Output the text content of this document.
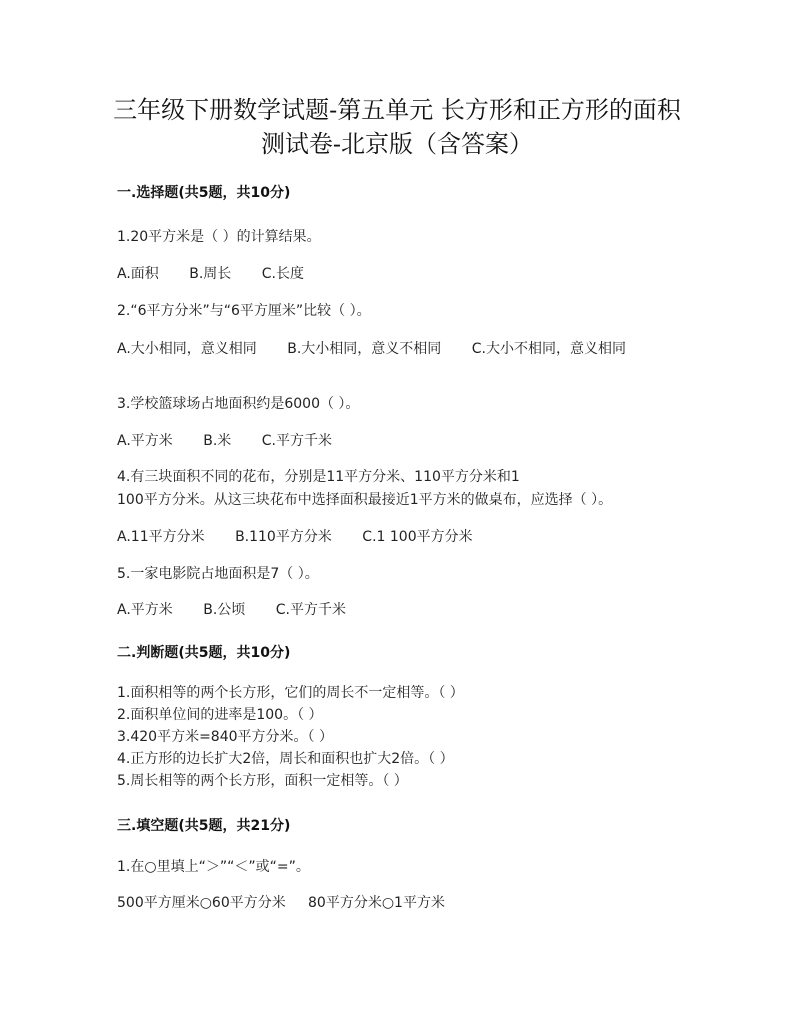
三年级下册数学试题-第五单元 长方形和正方形的面积
测试卷-北京版（含答案）
一.选择题(共5题，共10分)
1.20平方米是（ ）的计算结果。
A.面积 B.周长 C.长度
2.“6平方分米”与“6平方厘米”比较（ ）。
A.大小相同，意义相同 B.大小相同，意义不相同 C.大小不相同，意义相同
3.学校篮球场占地面积约是6000（ ）。
A.平方米 B.米 C.平方千米
4.有三块面积不同的花布，分别是11平方分米、110平方分米和1
100平方分米。从这三块花布中选择面积最接近1平方米的做桌布，应选择（ ）。
A.11平方分米 B.110平方分米 C.1 100平方分米
5.一家电影院占地面积是7（ ）。
A.平方米 B.公顷 C.平方千米
二.判断题(共5题，共10分)
1.面积相等的两个长方形，它们的周长不一定相等。（ ）
2.面积单位间的进率是100。（ ）
3.420平方米=840平方分米。（ ）
4.正方形的边长扩大2倍，周长和面积也扩大2倍。（ ）
5.周长相等的两个长方形，面积一定相等。（ ）
三.填空题(共5题，共21分)
1.在○里填上“＞”“＜”或“=”。
500平方厘米○60平方分米     80平方分米○1平方米
